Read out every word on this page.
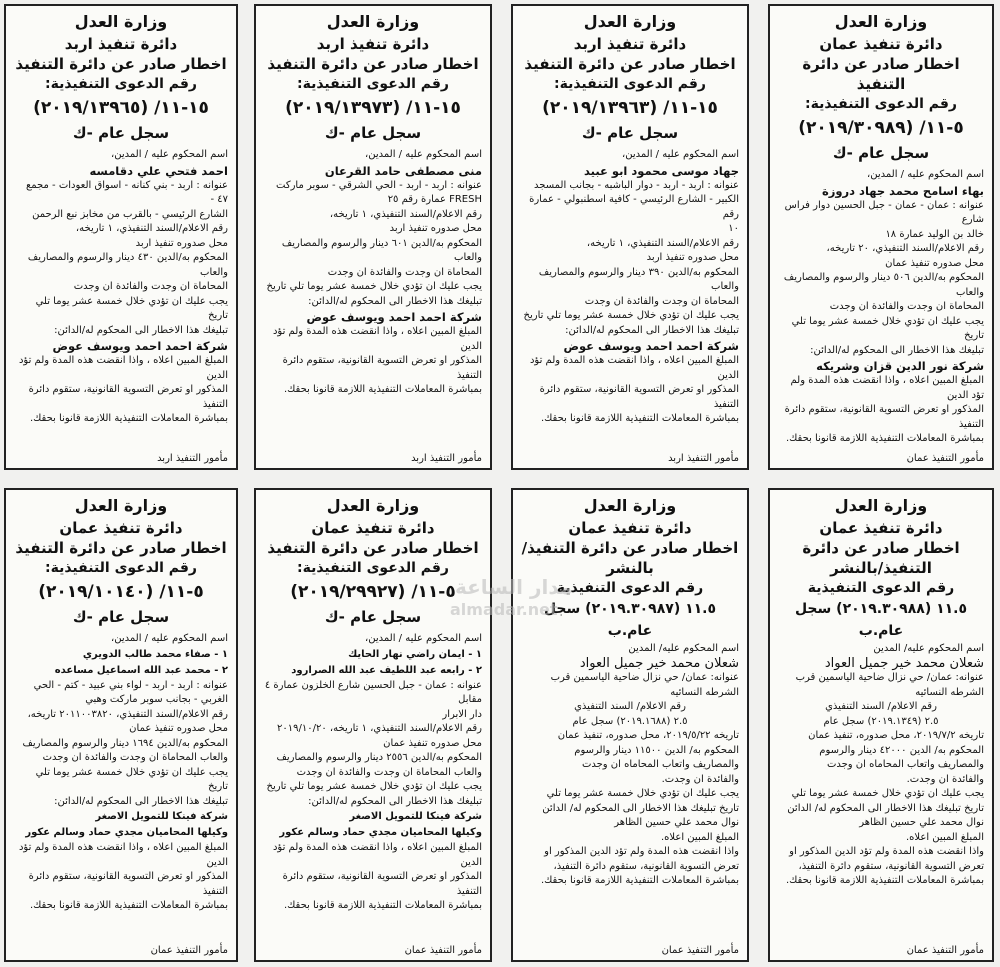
وزارة العدل
دائرة تنفيذ عمان
اخطار صادر عن دائرة التنفيذ
رقم الدعوى التنفيذية:
٥-١١/ (٢٠١٩/٣٠٩٨٩)
سجل عام -ك
اسم المحكوم عليه / المدين،
بهاء اسامح محمد جهاد دروزة
عنوانه : عمان - عمان - جبل الحسين دوار فراس شارع
خالد بن الوليد عمارة ١٨
رقم الاعلام/السند التنفيذي، ٢٠ تاريخه،
محل صدوره تنفيذ عمان
المحكوم به/الدين ٥٠٦ دينار والرسوم والمصاريف والعاب
المحاماة ان وجدت والفائدة ان وجدت
يجب عليك ان تؤدي خلال خمسة عشر يوما تلي تاريخ
تبليغك هذا الاخطار الى المحكوم له/الدائن:
شركة نور الدين قزان وشريكه
المبلغ المبين اعلاه ، واذا انقضت هذه المدة ولم تؤد الدين
المذكور او تعرض التسوية القانونية، ستقوم دائرة التنفيذ
بمباشرة المعاملات التنفيذية اللازمة قانونا بحقك.
مأمور التنفيذ عمان
وزارة العدل
دائرة تنفيذ اربد
اخطار صادر عن دائرة التنفيذ
رقم الدعوى التنفيذية:
١٥-١١/ (٢٠١٩/١٣٩٦٣)
سجل عام -ك
اسم المحكوم عليه / المدين،
جهاد موسى محمود ابو عبيد
عنوانه : اربد - اربد - دوار الباشبه - بجانب المسجد
الكبير - الشارع الرئيسي - كافية اسطنبولي - عمارة رقم
١٠
رقم الاعلام/السند التنفيذي، ١ تاريخه،
محل صدوره تنفيذ اربد
المحكوم به/الدين ٣٩٠ دينار والرسوم والمصاريف والعاب
المحاماة ان وجدت والفائدة ان وجدت
يجب عليك ان تؤدي خلال خمسة عشر يوما تلي تاريخ
تبليغك هذا الاخطار الى المحكوم له/الدائن:
شركة احمد احمد ويوسف عوض
المبلغ المبين اعلاه ، واذا انقضت هذه المدة ولم تؤد الدين
المذكور او تعرض التسوية القانونية، ستقوم دائرة التنفيذ
بمباشرة المعاملات التنفيذية اللازمة قانونا بحقك.
مأمور التنفيذ اربد
وزارة العدل
دائرة تنفيذ اربد
اخطار صادر عن دائرة التنفيذ
رقم الدعوى التنفيذية:
١٥-١١/ (٢٠١٩/١٣٩٧٣)
سجل عام -ك
اسم المحكوم عليه / المدين،
منى مصطفى حامد القرعان
عنوانه : اربد - اربد - الحي الشرقي - سوبر ماركت
FRESH عمارة رقم ٢٥
رقم الاعلام/السند التنفيذي، ١ تاريخه،
محل صدوره تنفيذ اربد
المحكوم به/الدين ٦٠١ دينار والرسوم والمصاريف والعاب
المحاماة ان وجدت والفائدة ان وجدت
يجب عليك ان تؤدي خلال خمسة عشر يوما تلي تاريخ
تبليغك هذا الاخطار الى المحكوم له/الدائن:
شركة احمد احمد ويوسف عوض
المبلغ المبين اعلاه ، واذا انقضت هذه المدة ولم تؤد الدين
المذكور او تعرض التسوية القانونية، ستقوم دائرة التنفيذ
بمباشرة المعاملات التنفيذية اللازمة قانونا بحقك.
مأمور التنفيذ اربد
وزارة العدل
دائرة تنفيذ اربد
اخطار صادر عن دائرة التنفيذ
رقم الدعوى التنفيذية:
١٥-١١/ (٢٠١٩/١٣٩٦٥)
سجل عام -ك
اسم المحكوم عليه / المدين،
احمد فتحي علي دقامسه
عنوانه : اربد - بني كنانه - اسواق العودات - مجمع ٤٧ -
الشارع الرئيسي - بالقرب من مخابز نبع الرحمن
رقم الاعلام/السند التنفيذي، ١ تاريخه،
محل صدوره تنفيذ اربد
المحكوم به/الدين ٤٣٠ دينار والرسوم والمصاريف والعاب
المحاماة ان وجدت والفائدة ان وجدت
يجب عليك ان تؤدي خلال خمسة عشر يوما تلي تاريخ
تبليغك هذا الاخطار الى المحكوم له/الدائن:
شركة احمد احمد ويوسف عوض
المبلغ المبين اعلاه ، واذا انقضت هذه المدة ولم تؤد الدين
المذكور او تعرض التسوية القانونية، ستقوم دائرة التنفيذ
بمباشرة المعاملات التنفيذية اللازمة قانونا بحقك.
مأمور التنفيذ اربد
وزارة العدل
دائرة تنفيذ عمان
اخطار صادر عن دائرة التنفيذ/بالنشر
رقم الدعوى التنفيذية
١١.٥ (٢٠١٩.٣٠٩٨٨) سجل عام.ب
اسم المحكوم عليه/ المدين
شعلان محمد خير جميل العواد
عنوانه: عمان/ حي نزال ضاحية الياسمين قرب
الشرطه النسائيه
رقم الاعلام/ السند التنفيذي
٢.٥ (٢٠١٩.١٣٤٩) سجل عام
تاريخه ٢٠١٩/٧/٢، محل صدوره، تنفيذ عمان
المحكوم به/ الدين ٤٢٠٠٠ دينار والرسوم
والمصاريف واتعاب المحاماه ان وجدت
والفائدة ان وجدت.
يجب عليك ان تؤدي خلال خمسة عشر يوما تلي
تاريخ تبليغك هذا الاخطار الى المحكوم له/ الدائن
نوال محمد علي حسين الظاهر
المبلغ المبين اعلاه.
واذا انقضت هذه المدة ولم تؤد الدين المذكور او
تعرض التسوية القانونية، ستقوم دائرة التنفيذ،
بمباشرة المعاملات التنفيذية اللازمة قانونا بحقك.
مأمور التنفيذ عمان
وزارة العدل
دائرة تنفيذ عمان
اخطار صادر عن دائرة التنفيذ/بالنشر
رقم الدعوى التنفيذية
١١.٥ (٢٠١٩.٣٠٩٨٧) سجل عام.ب
اسم المحكوم عليه/ المدين
شعلان محمد خير جميل العواد
عنوانه: عمان/ حي نزال ضاحية الياسمين قرب
الشرطه النسائيه
رقم الاعلام/ السند التنفيذي
٢.٥ (٢٠١٩.١٦٨٨) سجل عام
تاريخه ٢٠١٩/٥/٢٢، محل صدوره، تنفيذ عمان
المحكوم به/ الدين ١١٥٠٠ دينار والرسوم
والمصاريف واتعاب المحاماه ان وجدت
والفائدة ان وجدت.
يجب عليك ان تؤدي خلال خمسة عشر يوما تلي
تاريخ تبليغك هذا الاخطار الى المحكوم له/ الدائن
نوال محمد علي حسين الظاهر
المبلغ المبين اعلاه.
واذا انقضت هذه المدة ولم تؤد الدين المذكور او
تعرض التسوية القانونية، ستقوم دائرة التنفيذ،
بمباشرة المعاملات التنفيذية اللازمة قانونا بحقك.
مأمور التنفيذ عمان
وزارة العدل
دائرة تنفيذ عمان
اخطار صادر عن دائرة التنفيذ
رقم الدعوى التنفيذية:
٥-١١/ (٢٠١٩/٢٩٩٢٧)
سجل عام -ك
اسم المحكوم عليه / المدين،
١ - ايمان راضي نهار الحايك
٢ - رابعه عبد اللطيف عبد الله الصرارود
عنوانه : عمان - جبل الحسين شارع الخلزون عمارة ٤ مقابل
دار الابرار
رقم الاعلام/السند التنفيذي، ١ تاريخه، ٢٠١٩/١٠/٢٠
محل صدوره تنفيذ عمان
المحكوم به/الدين ٢٥٥٦ دينار والرسوم والمصاريف
والعاب المحاماة ان وجدت والفائدة ان وجدت
يجب عليك ان تؤدي خلال خمسة عشر يوما تلي تاريخ
تبليغك هذا الاخطار الى المحكوم له/الدائن:
شركة فينكا للتمويل الاصغر
وكيلها المحاميان مجدي حماد وسالم عكور
المبلغ المبين اعلاه ، واذا انقضت هذه المدة ولم تؤد الدين
المذكور او تعرض التسوية القانونية، ستقوم دائرة التنفيذ
بمباشرة المعاملات التنفيذية اللازمة قانونا بحقك.
مأمور التنفيذ عمان
وزارة العدل
دائرة تنفيذ عمان
اخطار صادر عن دائرة التنفيذ
رقم الدعوى التنفيذية:
٥-١١/ (٢٠١٩/١٠١٤٠)
سجل عام -ك
اسم المحكوم عليه / المدين،
١ - صفاء محمد طالب الدويري
٢ - محمد عبد الله اسماعيل مساعده
عنوانه : اربد - اربد - لواء بني عبيد - كتم - الحي
الغربي - بجانب سوبر ماركت وهبي
رقم الاعلام/السند التنفيذي، ٢٠١١٠٠٣٨٢٠ تاريخه،
محل صدوره تنفيذ عمان
المحكوم به/الدين ١٦٩٤ دينار والرسوم والمصاريف
والعاب المحاماة ان وجدت والفائدة ان وجدت
يجب عليك ان تؤدي خلال خمسة عشر يوما تلي تاريخ
تبليغك هذا الاخطار الى المحكوم له/الدائن:
شركة فينكا للتمويل الاصغر
وكيلها المحاميان مجدي حماد وسالم عكور
المبلغ المبين اعلاه ، واذا انقضت هذه المدة ولم تؤد الدين
المذكور او تعرض التسوية القانونية، ستقوم دائرة التنفيذ
بمباشرة المعاملات التنفيذية اللازمة قانونا بحقك.
مأمور التنفيذ عمان
مدار الساعة
almadar.net
